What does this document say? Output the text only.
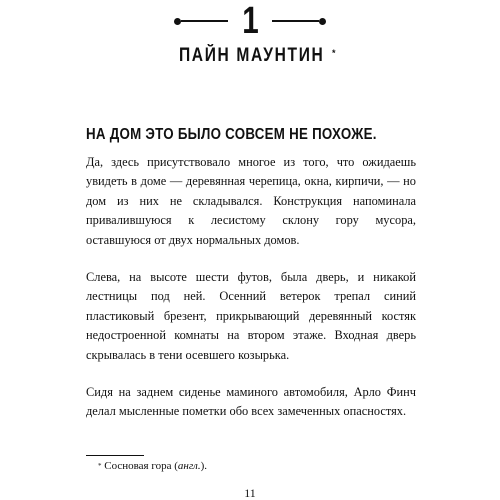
1
ПАЙН МАУНТИН *
НА ДОМ ЭТО БЫЛО СОВСЕМ НЕ ПОХОЖЕ.

Да, здесь присутствовало многое из того, что ожидаешь увидеть в доме — деревянная черепица, окна, кирпичи, — но дом из них не складывался. Конструкция напоминала привалившуюся к лесистому склону гору мусора, оставшуюся от двух нормальных домов.

Слева, на высоте шести футов, была дверь, и никакой лестницы под ней. Осенний ветерок трепал синий пластиковый брезент, прикрывающий деревянный костяк недостроенной комнаты на втором этаже. Входная дверь скрывалась в тени осевшего козырька.

Сидя на заднем сиденье маминого автомобиля, Арло Финч делал мысленные пометки обо всех замеченных опасностях.

* Сосновая гора (англ.).
11
